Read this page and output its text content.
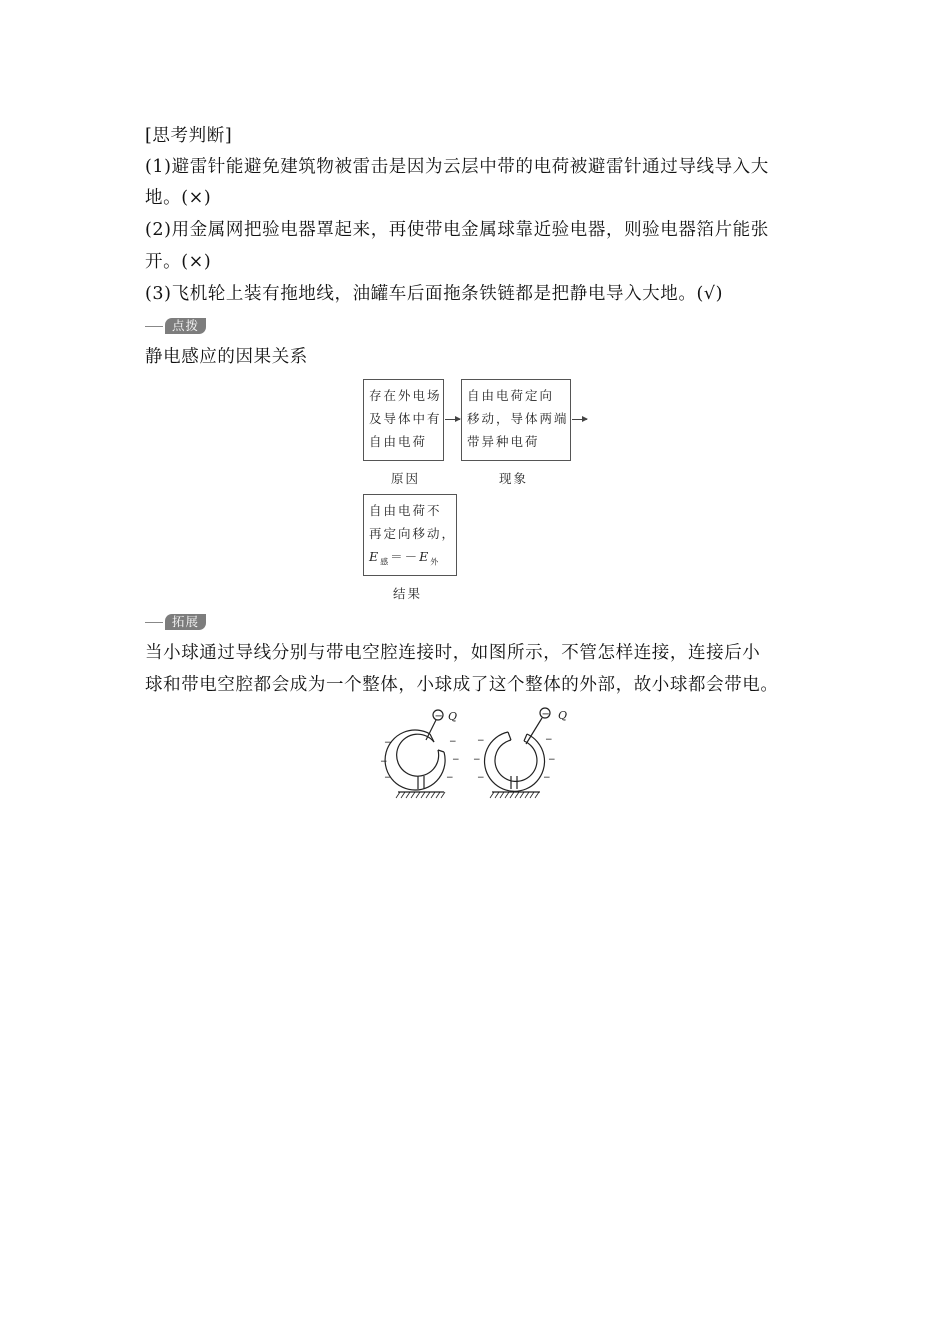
[思考判断]
(1)避雷针能避免建筑物被雷击是因为云层中带的电荷被避雷针通过导线导入大
地。(×)
(2)用金属网把验电器罩起来，再使带电金属球靠近验电器，则验电器箔片能张
开。(×)
(3)飞机轮上装有拖地线，油罐车后面拖条铁链都是把静电导入大地。(√)
点拨
静电感应的因果关系
存在外电场
及导体中有
自由电荷
自由电荷定向
移动，导体两端
带异种电荷
原因	现象
自由电荷不
再定向移动，
$E_感=-E_外$
结果
拓展
当小球通过导线分别与带电空腔连接时，如图所示，不管怎样连接，连接后小
球和带电空腔都会成为一个整体，小球成了这个整体的外部，故小球都会带电。
−	−
Q	Q
−
−
−
−
−
−
−
−
−
−
−
−
